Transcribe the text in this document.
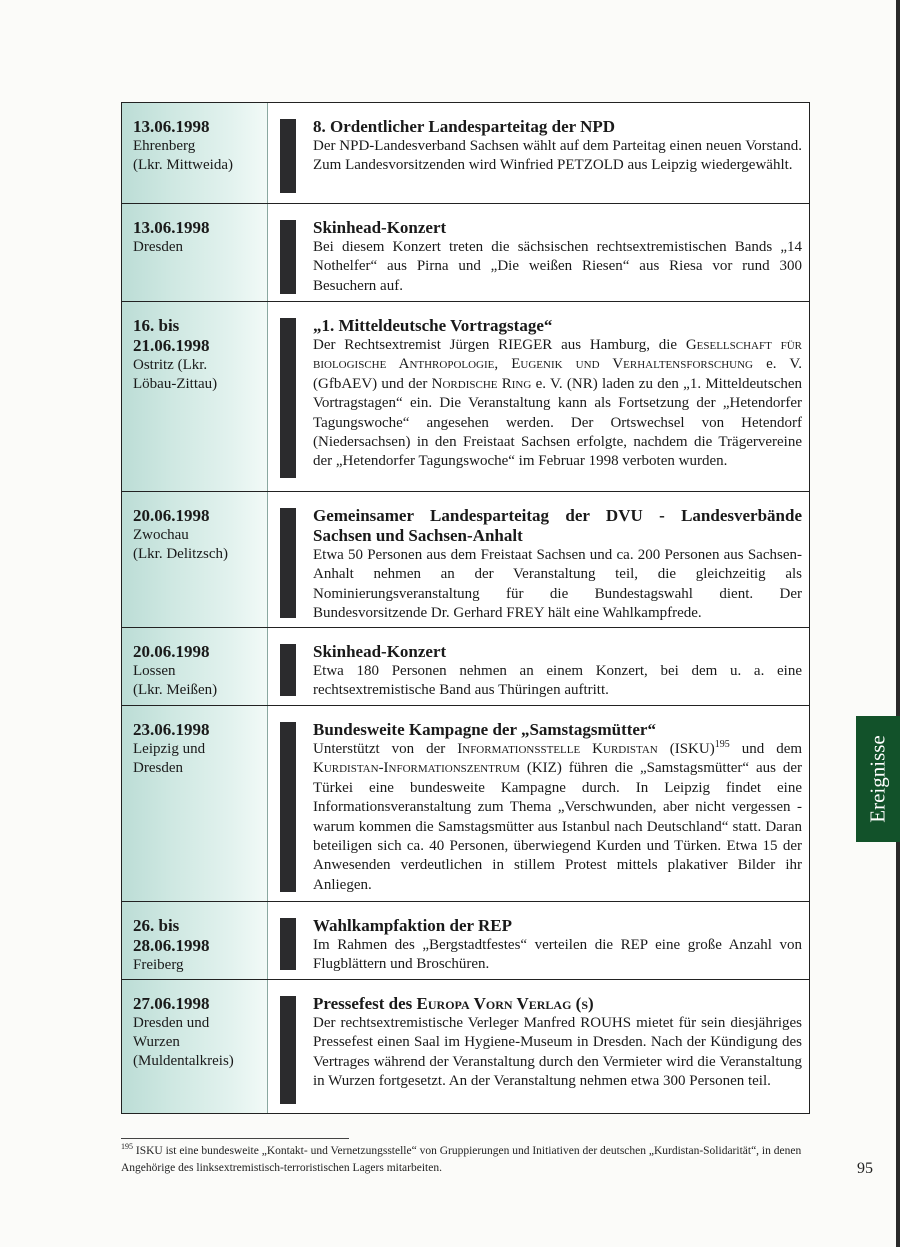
13.06.1998
Ehrenberg
(Lkr. Mittweida)
8. Ordentlicher Landesparteitag der NPD
Der NPD-Landesverband Sachsen wählt auf dem Parteitag einen neuen Vorstand. Zum Landesvorsitzenden wird Winfried PETZOLD aus Leipzig wiedergewählt.
13.06.1998
Dresden
Skinhead-Konzert
Bei diesem Konzert treten die sächsischen rechtsextremistischen Bands „14 Nothelfer“ aus Pirna und „Die weißen Riesen“ aus Riesa vor rund 300 Besuchern auf.
16. bis
21.06.1998
Ostritz (Lkr.
Löbau-Zittau)
„1. Mitteldeutsche Vortragstage“
Der Rechtsextremist Jürgen RIEGER aus Hamburg, die Gesellschaft für biologische Anthropologie, Eugenik und Verhaltensforschung e. V. (GfbAEV) und der Nordische Ring e. V. (NR) laden zu den „1. Mitteldeutschen Vortragstagen“ ein. Die Veranstaltung kann als Fortsetzung der „Hetendorfer Tagungswoche“ angesehen werden. Der Ortswechsel von Hetendorf (Niedersachsen) in den Freistaat Sachsen erfolgte, nachdem die Trägervereine der „Hetendorfer Tagungswoche“ im Februar 1998 verboten wurden.
20.06.1998
Zwochau
(Lkr. Delitzsch)
Gemeinsamer Landesparteitag der DVU - Landesverbände Sachsen und Sachsen-Anhalt
Etwa 50 Personen aus dem Freistaat Sachsen und ca. 200 Personen aus Sachsen-Anhalt nehmen an der Veranstaltung teil, die gleichzeitig als Nominierungsveranstaltung für die Bundestagswahl dient. Der Bundesvorsitzende Dr. Gerhard FREY hält eine Wahlkampfrede.
20.06.1998
Lossen
(Lkr. Meißen)
Skinhead-Konzert
Etwa 180 Personen nehmen an einem Konzert, bei dem u. a. eine rechtsextremistische Band aus Thüringen auftritt.
23.06.1998
Leipzig und
Dresden
Bundesweite Kampagne der „Samstagsmütter“
Unterstützt von der Informationsstelle Kurdistan (ISKU)$^{195}$ und dem Kurdistan-Informationszentrum (KIZ) führen die „Samstagsmütter“ aus der Türkei eine bundesweite Kampagne durch. In Leipzig findet eine Informationsveranstaltung zum Thema „Verschwunden, aber nicht vergessen - warum kommen die Samstagsmütter aus Istanbul nach Deutschland“ statt. Daran beteiligen sich ca. 40 Personen, überwiegend Kurden und Türken. Etwa 15 der Anwesenden verdeutlichen in stillem Protest mittels plakativer Bilder ihr Anliegen.
26. bis
28.06.1998
Freiberg
Wahlkampfaktion der REP
Im Rahmen des „Bergstadtfestes“ verteilen die REP eine große Anzahl von Flugblättern und Broschüren.
27.06.1998
Dresden und
Wurzen
(Muldentalkreis)
Pressefest des Europa Vorn Verlag (s)
Der rechtsextremistische Verleger Manfred ROUHS mietet für sein diesjähriges Pressefest einen Saal im Hygiene-Museum in Dresden. Nach der Kündigung des Vertrages während der Veranstaltung durch den Vermieter wird die Veranstaltung in Wurzen fortgesetzt. An der Veranstaltung nehmen etwa 300 Personen teil.
Ereignisse
$^{195}$ ISKU ist eine bundesweite „Kontakt- und Vernetzungsstelle“ von Gruppierungen und Initiativen der deutschen „Kurdistan-Solidarität“, in denen Angehörige des linksextremistisch-terroristischen Lagers mitarbeiten.	95
